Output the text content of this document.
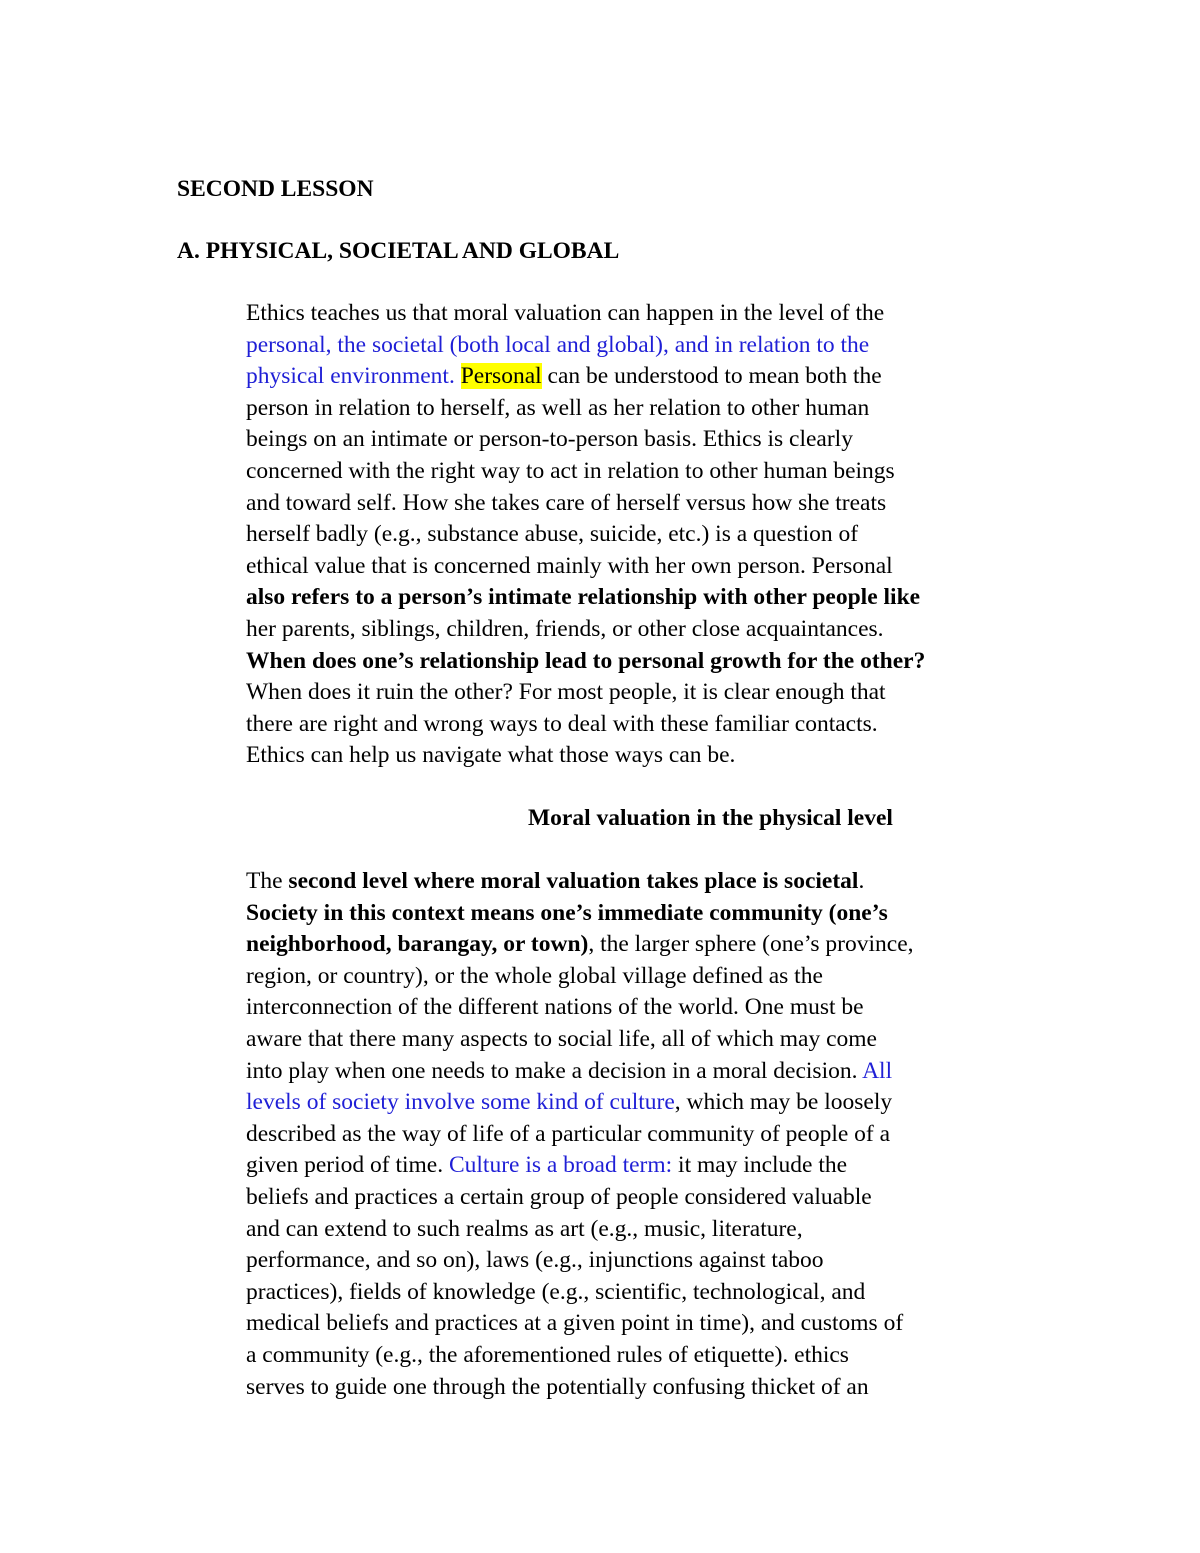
SECOND LESSON
A. PHYSICAL, SOCIETAL AND GLOBAL
Ethics teaches us that moral valuation can happen in the level of the
personal, the societal (both local and global), and in relation to the
physical environment. Personal can be understood to mean both the
person in relation to herself, as well as her relation to other human
beings on an intimate or person-to-person basis. Ethics is clearly
concerned with the right way to act in relation to other human beings
and toward self. How she takes care of herself versus how she treats
herself badly (e.g., substance abuse, suicide, etc.) is a question of
ethical value that is concerned mainly with her own person. Personal
also refers to a person’s intimate relationship with other people like
her parents, siblings, children, friends, or other close acquaintances.
When does one’s relationship lead to personal growth for the other?
When does it ruin the other? For most people, it is clear enough that
there are right and wrong ways to deal with these familiar contacts.
Ethics can help us navigate what those ways can be.
Moral valuation in the physical level
The second level where moral valuation takes place is societal.
Society in this context means one’s immediate community (one’s
neighborhood, barangay, or town), the larger sphere (one’s province,
region, or country), or the whole global village defined as the
interconnection of the different nations of the world. One must be
aware that there many aspects to social life, all of which may come
into play when one needs to make a decision in a moral decision. All
levels of society involve some kind of culture, which may be loosely
described as the way of life of a particular community of people of a
given period of time. Culture is a broad term: it may include the
beliefs and practices a certain group of people considered valuable
and can extend to such realms as art (e.g., music, literature,
performance, and so on), laws (e.g., injunctions against taboo
practices), fields of knowledge (e.g., scientific, technological, and
medical beliefs and practices at a given point in time), and customs of
a community (e.g., the aforementioned rules of etiquette). ethics
serves to guide one through the potentially confusing thicket of an
